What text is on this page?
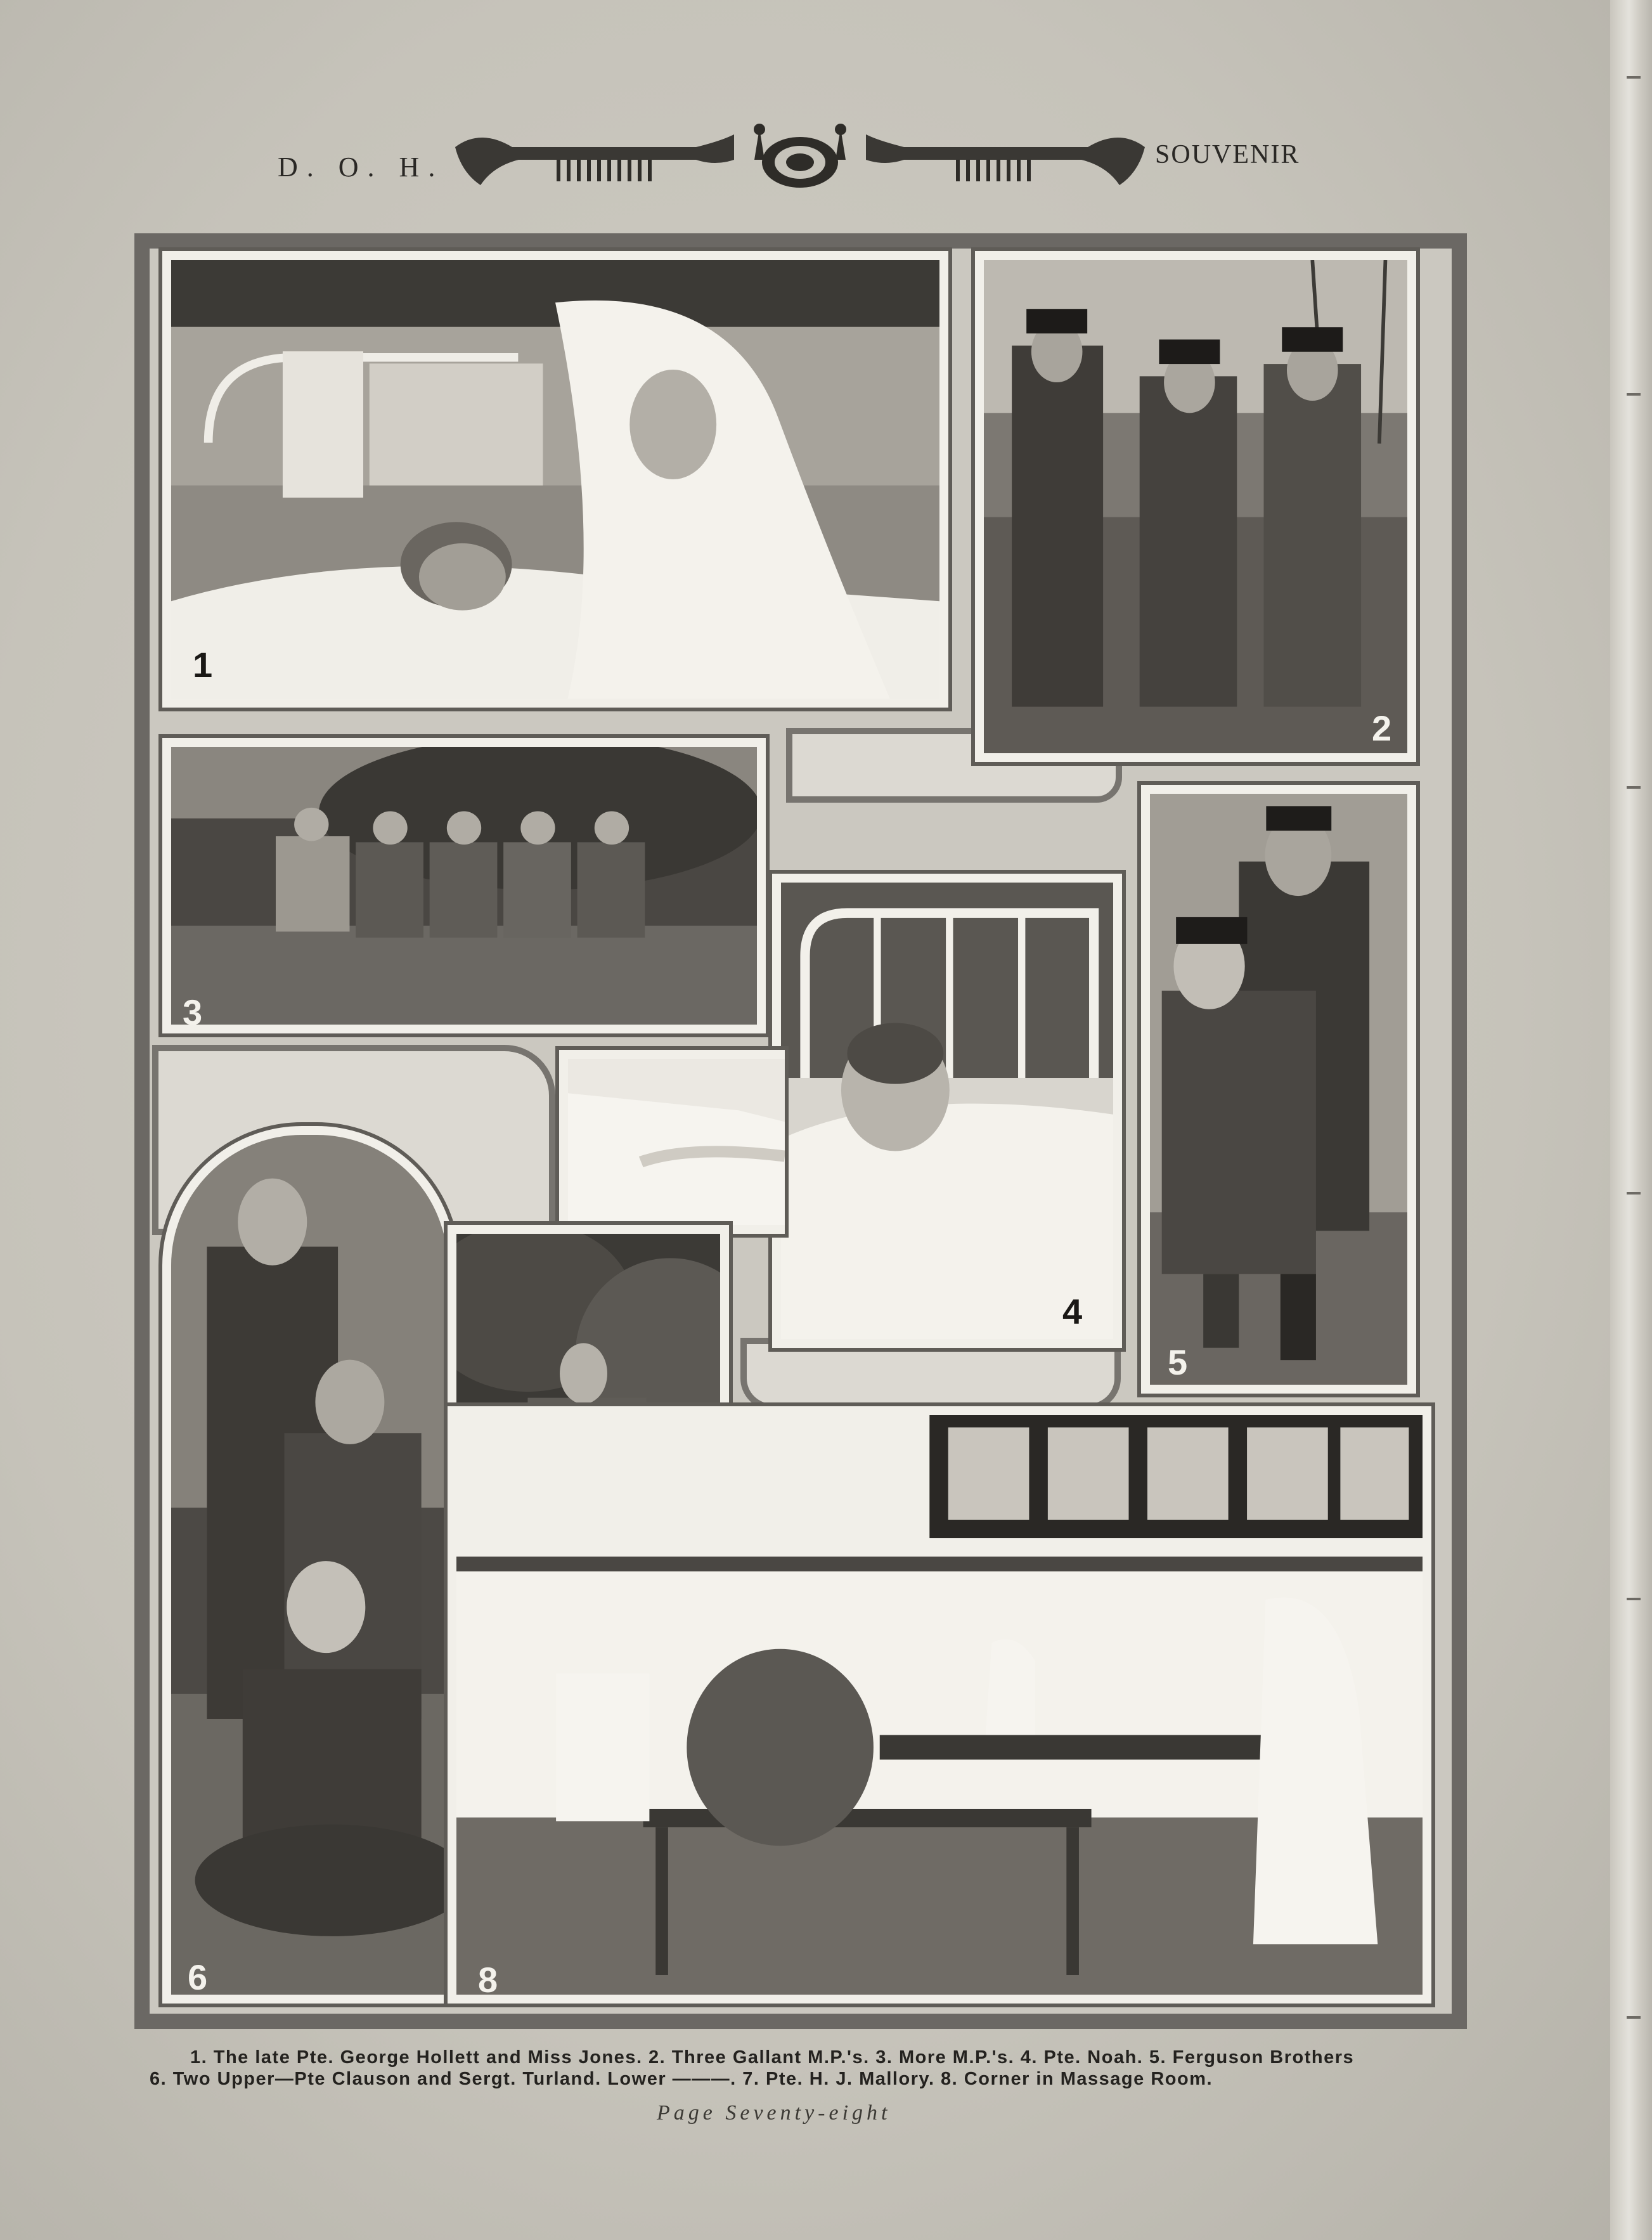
D. O. H.	SOUVENIR
1
2
3
4
5
6	8
1. The late Pte. George Hollett and Miss Jones. 2. Three Gallant M.P.'s. 3. More M.P.'s. 4. Pte. Noah. 5. Ferguson Brothers
6. Two Upper—Pte Clauson and Sergt. Turland. Lower ———. 7. Pte. H. J. Mallory. 8. Corner in Massage Room.
Page Seventy-eight
